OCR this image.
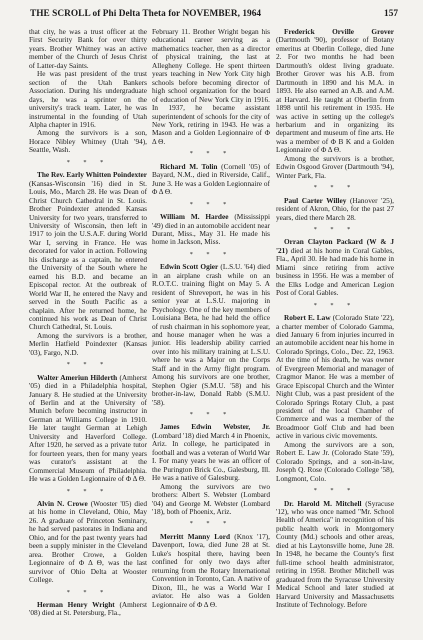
THE SCROLL of Phi Delta Theta for NOVEMBER, 1964	157

that city, he was a trust officer at the First Security Bank for over thirty years. Brother Whitney was an active member of the Church of Jesus Christ of Latter-day Saints.

He was past president of the trust section of the Utah Bankers Association. During his undergraduate days, he was a sprinter on the university's track team. Later, he was instrumental in the founding of Utah Alpha chapter in 1916.

Among the survivors is a son, Horace Nibley Whitney (Utah '94), Seattle, Wash.

* * *

The Rev. Early Whitten Poindexter (Kansas-Wisconsin '16) died in St. Louis, Mo., March 28. He was Dean of Christ Church Cathedral in St. Louis. Brother Poindexter attended Kansas University for two years, transferred to University of Wisconsin, then left in 1917 to join the U.S.A.F. during World War I, serving in France. He was decorated for valor in action. Following his discharge as a captain, he entered the University of the South where he earned his B.D. and became an Episcopal rector. At the outbreak of World War II, he entered the Navy and served in the South Pacific as a chaplain. After he returned home, he continued his work as Dean of Christ Church Cathedral, St. Louis.

Among the survivors is a brother, Merlin Hatfield Poindexter (Kansas '03), Fargo, N.D.

* * *

Walter Ameriun Hilderth (Amherst '05) died in a Philadelphia hospital, January 8. He studied at the University of Berlin and at the University of Munich before becoming instructor in German at Williams College in 1910. He later taught German at Lehigh University and Haverford College. After 1920, he served as a private tutor for fourteen years, then for many years was curator's assistant at the Commercial Museum of Philadelphia. He was a Golden Legionnaire of Φ Δ Θ.

* * *

Alvin N. Crowe (Wooster '05) died at his home in Cleveland, Ohio, May 26. A graduate of Princeton Seminary, he had served pastorates in Indiana and Ohio, and for the past twenty years had been a supply minister in the Cleveland area. Brother Crowe, a Golden Legionnaire of Φ Δ Θ, was the last survivor of Ohio Delta at Wooster College.

* * *

Herman Henry Wright (Amherst '08) died at St. Petersburg, Fla.,

February 11. Brother Wright began his educational career serving as a mathematics teacher, then as a director of physical training, the last at Allegheny College. He spent thirteen years teaching in New York City high schools before becoming director of high school organization for the board of education of New York City in 1916. In 1937, he became assistant superintendent of schools for the city of New York, retiring in 1943. He was a Mason and a Golden Legionnaire of Φ Δ Θ.

* * *

Richard M. Tolin (Cornell '05) of Bayard, N.M., died in Riverside, Calif., June 3. He was a Golden Legionnaire of Φ Δ Θ.

* * *

William M. Hardee (Mississippi '49) died in an automobile accident near Durant, Miss., May 31. He made his home in Jackson, Miss.

* * *

Edwin Scott Ogier (L.S.U. '64) died in an airplane crash while on an R.O.T.C. training flight on May 5. A resident of Shreveport, he was in his senior year at L.S.U. majoring in Psychology. One of the key members of Louisiana Beta, he had held the office of rush chairman in his sophomore year, and house manager when he was a junior. His leadership ability carried over into his military training at L.S.U. where he was a Major on the Corps Staff and in the Army flight program. Among his survivors are one brother, Stephen Ogier (S.M.U. '58) and his brother-in-law, Donald Rabb (S.M.U. '58).

* * *

James Edwin Webster, Jr. (Lombard '18) died March 4 in Phoenix, Ariz. In college, he participated in football and was a veteran of World War I. For many years he was an officer of the Purington Brick Co., Galesburg, Ill. He was a native of Galesburg.

Among the survivors are two brothers: Albert S. Webster (Lombard '04) and George M. Webster (Lombard '18), both of Phoenix, Ariz.

* * *

Merritt Manny Lord (Knox '17), Davenport, Iowa, died June 28 at St. Luke's hospital there, having been confined for only two days after returning from the Rotary International Convention in Toronto, Can. A native of Dixon, Ill., he was a World War I aviator. He also was a Golden Legionnaire of Φ Δ Θ.

Frederick Orville Grover (Dartmouth '90), professor of Botany emeritus at Oberlin College, died June 2. For two months he had been Dartmouth's oldest living graduate. Brother Grover was his A.B. from Dartmouth in 1890 and his M.A. in 1893. He also earned an A.B. and A.M. at Harvard. He taught at Oberlin from 1898 until his retirement in 1935. He was active in setting up the college's herbarium and in organizing its department and museum of fine arts. He was a member of Φ B K and a Golden Legionnaire of Φ Δ Θ.

Among the survivors is a brother, Edwin Osgood Grover (Dartmouth '94), Winter Park, Fla.

* * *

Paul Carter Willey (Hanover '25), resident of Akron, Ohio, for the past 27 years, died there March 28.

* * *

Orran Clayton Packard (W & J '21) died at his home in Coral Gables, Fla., April 30. He had made his home in Miami since retiring from active business in 1956. He was a member of the Elks Lodge and American Legion Post of Coral Gables.

* * *

Robert E. Law (Colorado State '22), a charter member of Colorado Gamma, died January 6 from injuries incurred in an automobile accident near his home in Colorado Springs, Colo., Dec. 22, 1963. At the time of his death, he was owner of Evergreen Memorial and manager of Cragmor Manor. He was a member of Grace Episcopal Church and the Winter Night Club, was a past president of the Colorado Springs Rotary Club, a past president of the local Chamber of Commerce and was a member of the Broadmoor Golf Club and had been active in various civic movements.

Among the survivors are a son, Robert E. Law Jr. (Colorado State '59), Colorado Springs, and a son-in-law, Joseph Q. Rose (Colorado College '58), Longmont, Colo.

* * *

Dr. Harold M. Mitchell (Syracuse '12), who was once named "Mr. School Health of America" in recognition of his public health work in Montgomery County (Md.) schools and other areas, died at his Laytonsville home, June 28. In 1948, he became the County's first full-time school health administrator, retiring in 1958. Brother Mitchell was graduated from the Syracuse University Medical School and later studied at Harvard University and Massachusetts Institute of Technology. Before
